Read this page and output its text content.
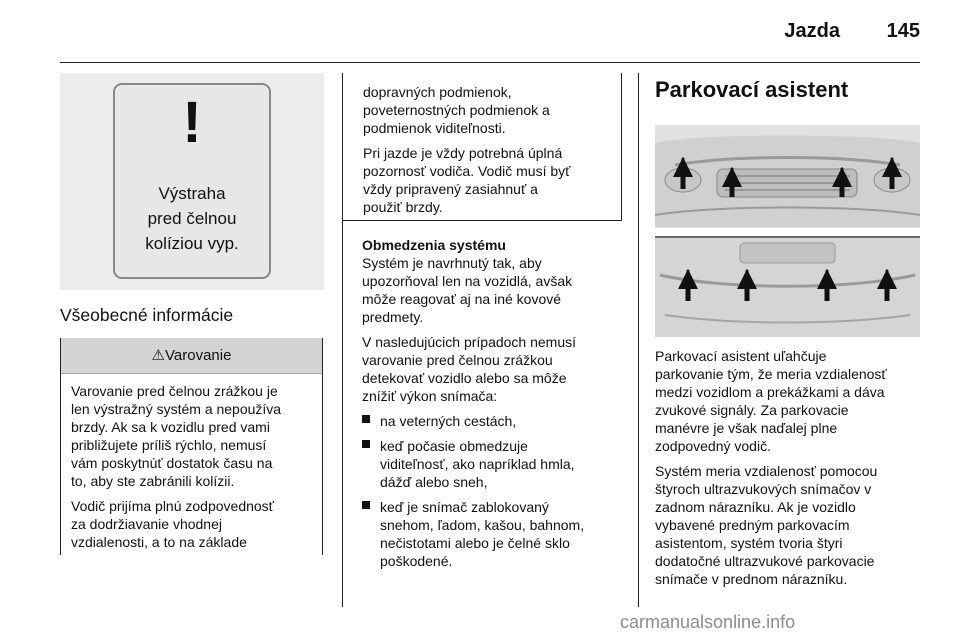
Jazda 145
!
Výstraha
pred čelnou
kolíziou vyp.
Všeobecné informácie
⚠Varovanie

Varovanie pred čelnou zrážkou je
len výstražný systém a nepoužíva
brzdy. Ak sa k vozidlu pred vami
približujete príliš rýchlo, nemusí
vám poskytnúť dostatok času na
to, aby ste zabránili kolízii.

Vodič prijíma plnú zodpovednosť
za dodržiavanie vhodnej
vzdialenosti, a to na základe

dopravných podmienok,
poveternostných podmienok a
podmienok viditeľnosti.

Pri jazde je vždy potrebná úplná
pozornosť vodiča. Vodič musí byť
vždy pripravený zasiahnuť a
použiť brzdy.

Obmedzenia systému
Systém je navrhnutý tak, aby
upozorňoval len na vozidlá, avšak
môže reagovať aj na iné kovové
predmety.

V nasledujúcich prípadoch nemusí
varovanie pred čelnou zrážkou
detekovať vozidlo alebo sa môže
znížiť výkon snímača:

na veterných cestách,
keď počasie obmedzuje
viditeľnosť, ako napríklad hmla,
dážď alebo sneh,
keď je snímač zablokovaný
snehom, ľadom, kašou, bahnom,
nečistotami alebo je čelné sklo
poškodené.
Parkovací asistent

Parkovací asistent uľahčuje
parkovanie tým, že meria vzdialenosť
medzi vozidlom a prekážkami a dáva
zvukové signály. Za parkovacie
manévre je však naďalej plne
zodpovedný vodič.

Systém meria vzdialenosť pomocou
štyroch ultrazvukových snímačov v
zadnom nárazníku. Ak je vozidlo
vybavené predným parkovacím
asistentom, systém tvoria štyri
dodatočné ultrazvukové parkovacie
snímače v prednom nárazníku.

carmanualsonline.info
